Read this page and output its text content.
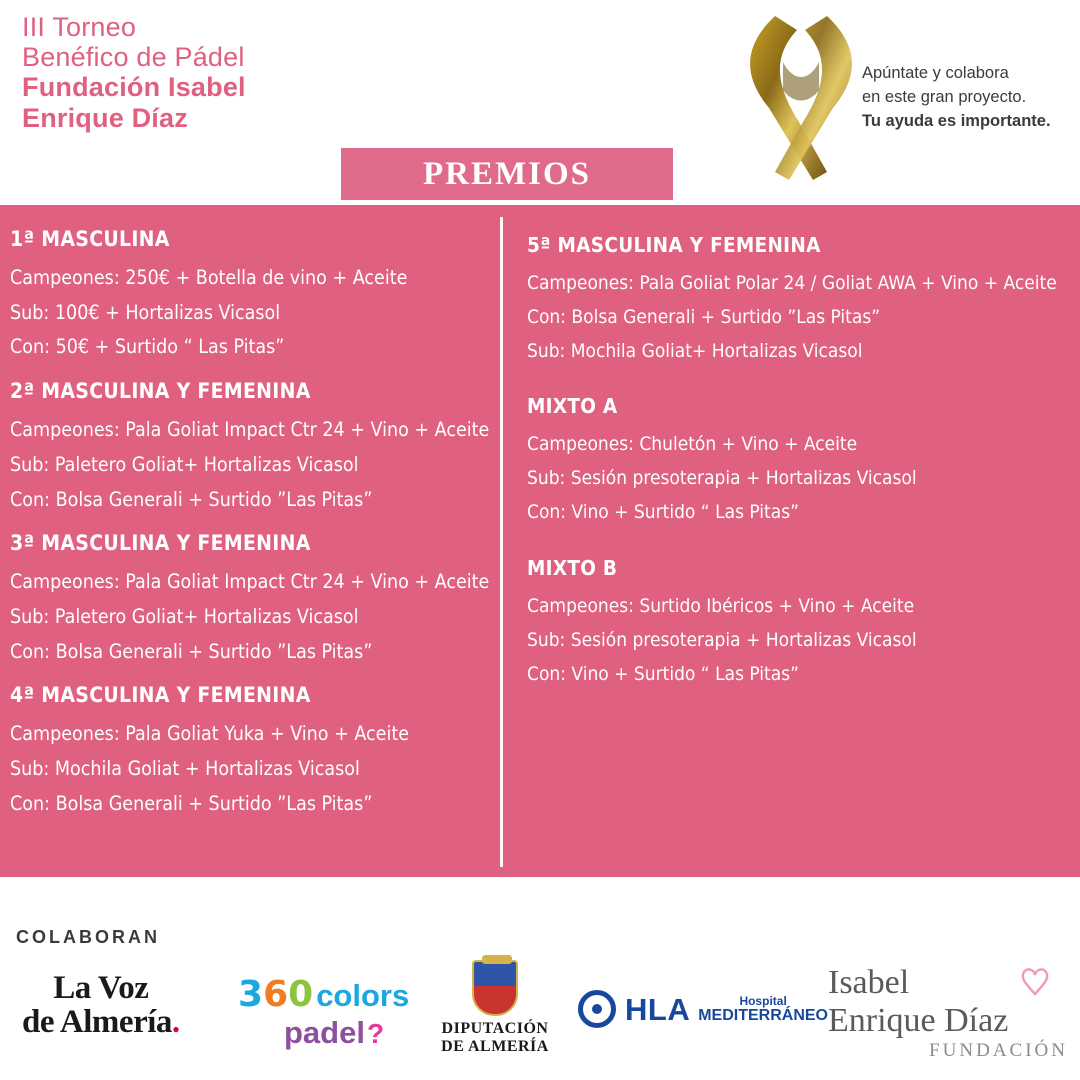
III Torneo
Benéfico de Pádel
Fundación Isabel
Enrique Díaz
Apúntate y colabora
en este gran proyecto.
Tu ayuda es importante.
PREMIOS
1ª MASCULINA
Campeones: 250€ + Botella de vino + Aceite
Sub: 100€ + Hortalizas Vicasol
Con: 50€ + Surtido “ Las Pitas”
2ª MASCULINA Y FEMENINA
Campeones: Pala Goliat Impact Ctr 24 + Vino + Aceite
Sub: Paletero Goliat+ Hortalizas Vicasol
Con: Bolsa Generali + Surtido ”Las Pitas”
3ª MASCULINA Y FEMENINA
Campeones: Pala Goliat Impact Ctr 24 + Vino + Aceite
Sub: Paletero Goliat+ Hortalizas Vicasol
Con: Bolsa Generali + Surtido ”Las Pitas”
4ª MASCULINA Y FEMENINA
Campeones: Pala Goliat Yuka + Vino + Aceite
Sub: Mochila Goliat + Hortalizas Vicasol
Con: Bolsa Generali + Surtido ”Las Pitas”
5ª MASCULINA Y FEMENINA
Campeones: Pala Goliat Polar 24 / Goliat AWA + Vino + Aceite
Con: Bolsa Generali + Surtido ”Las Pitas”
Sub: Mochila Goliat+ Hortalizas Vicasol
MIXTO A
Campeones: Chuletón + Vino + Aceite
Sub: Sesión presoterapia + Hortalizas Vicasol
Con: Vino + Surtido “ Las Pitas”
MIXTO B
Campeones: Surtido Ibéricos + Vino + Aceite
Sub: Sesión presoterapia + Hortalizas Vicasol
Con: Vino + Surtido “ Las Pitas”
COLABORAN
La Voz
de Almería.
3 6 0 colors
padel ?	DIPUTACIÓN
DE ALMERÍA
HLA	Hospital
MEDITERRÁNEO
Isabel
Enrique Díaz
FUNDACIÓN
